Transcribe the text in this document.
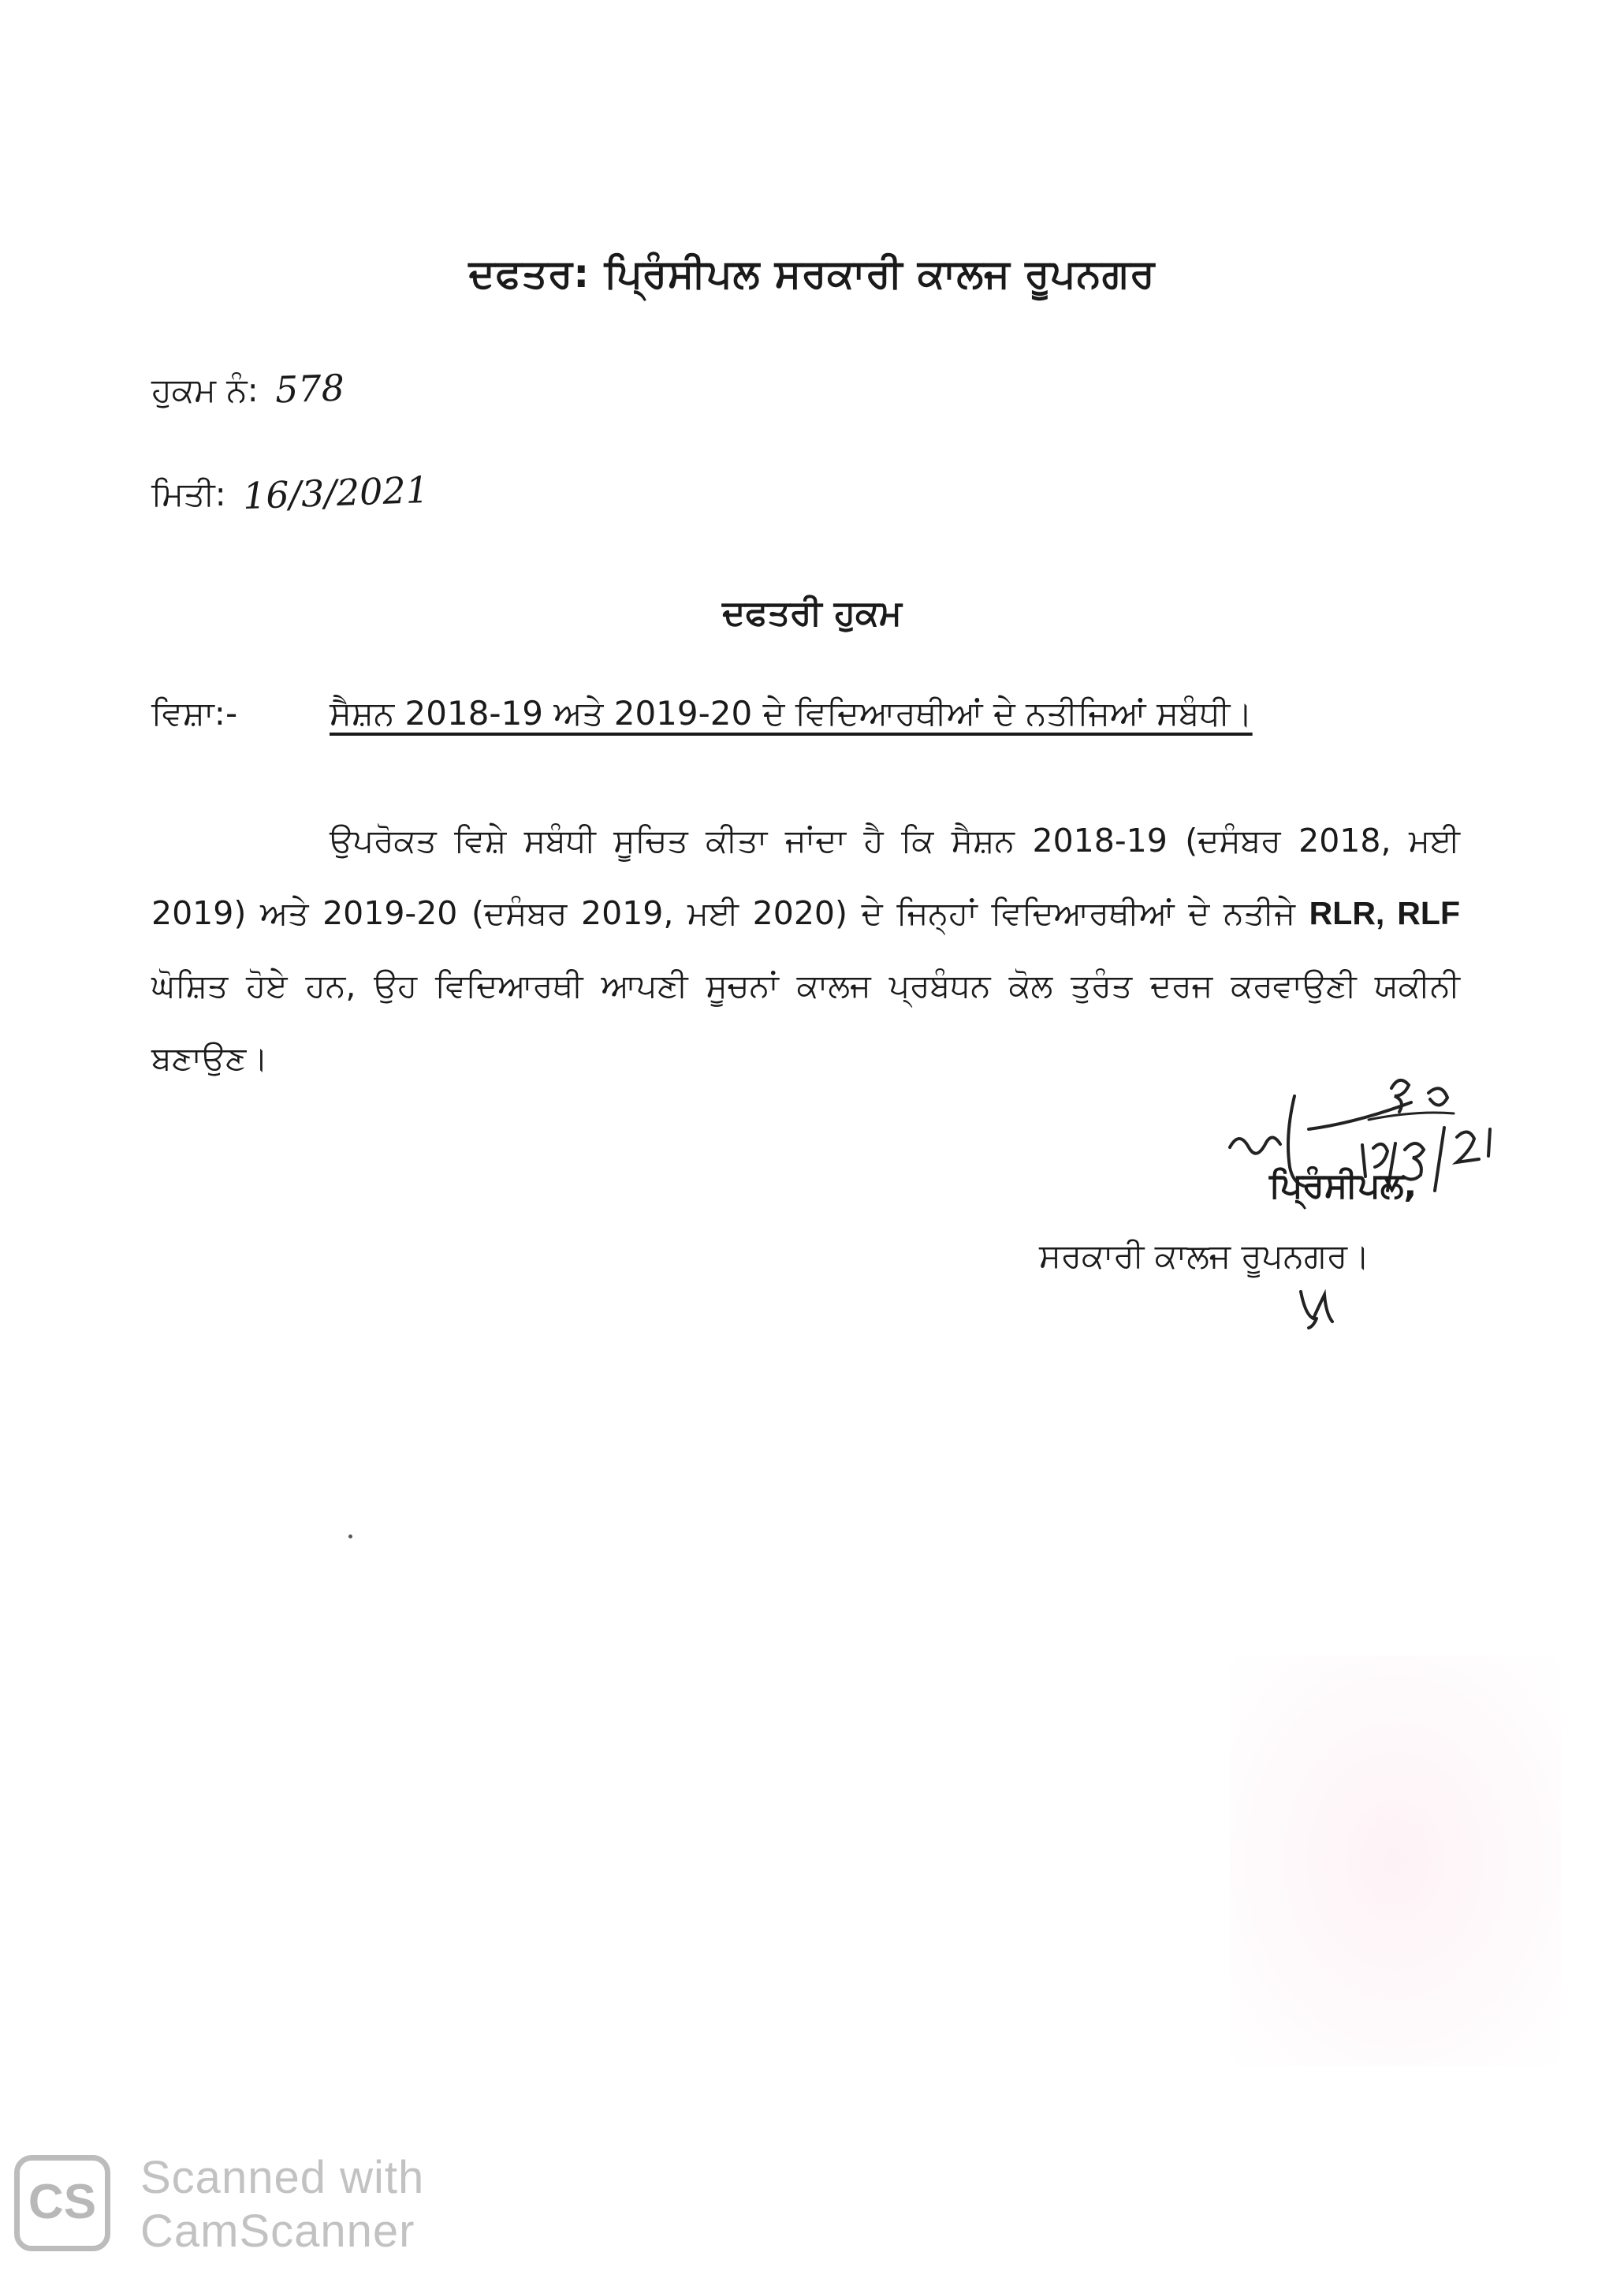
ਦਫਤਰ: ਪ੍ਰਿੰਸੀਪਲ ਸਰਕਾਰੀ ਕਾਲਜ ਰੂਪਨਗਰ
ਹੁਕਮ ਨੰ: 578
ਮਿਤੀ: 16/3/2021
ਦਫਤਰੀ ਹੁਕਮ
ਵਿਸ਼ਾ:-	ਸੈਸ਼ਨ 2018-19 ਅਤੇ 2019-20 ਦੇ ਵਿਦਿਆਰਥੀਆਂ ਦੇ ਨਤੀਜਿਆਂ ਸਬੰਧੀ।
ਉਪਰੋਕਤ ਵਿਸ਼ੇ ਸਬੰਧੀ ਸੂਚਿਤ ਕੀਤਾ ਜਾਂਦਾ ਹੈ ਕਿ ਸੈਸ਼ਨ 2018-19 (ਦਸੰਬਰ 2018, ਮਈ 2019) ਅਤੇ 2019-20 (ਦਸੰਬਰ 2019, ਮਈ 2020) ਦੇ ਜਿਨ੍ਹਾਂ ਵਿਦਿਆਰਥੀਆਂ ਦੇ ਨਤੀਜੇ RLR, RLF ਘੋਸ਼ਿਤ ਹੋਏ ਹਨ, ਉਹ ਵਿਦਿਆਰਥੀ ਆਪਣੀ ਸੂਚਨਾਂ ਕਾਲਜ ਪ੍ਰਬੰਧਨ ਕੋਲ ਤੁਰੰਤ ਦਰਜ ਕਰਵਾਉਣੀ ਯਕੀਨੀ ਬਣਾਉਣ।
ਪ੍ਰਿੰਸੀਪਲ,
ਸਰਕਾਰੀ ਕਾਲਜ ਰੂਪਨਗਰ।
CS Scanned with
CamScanner
